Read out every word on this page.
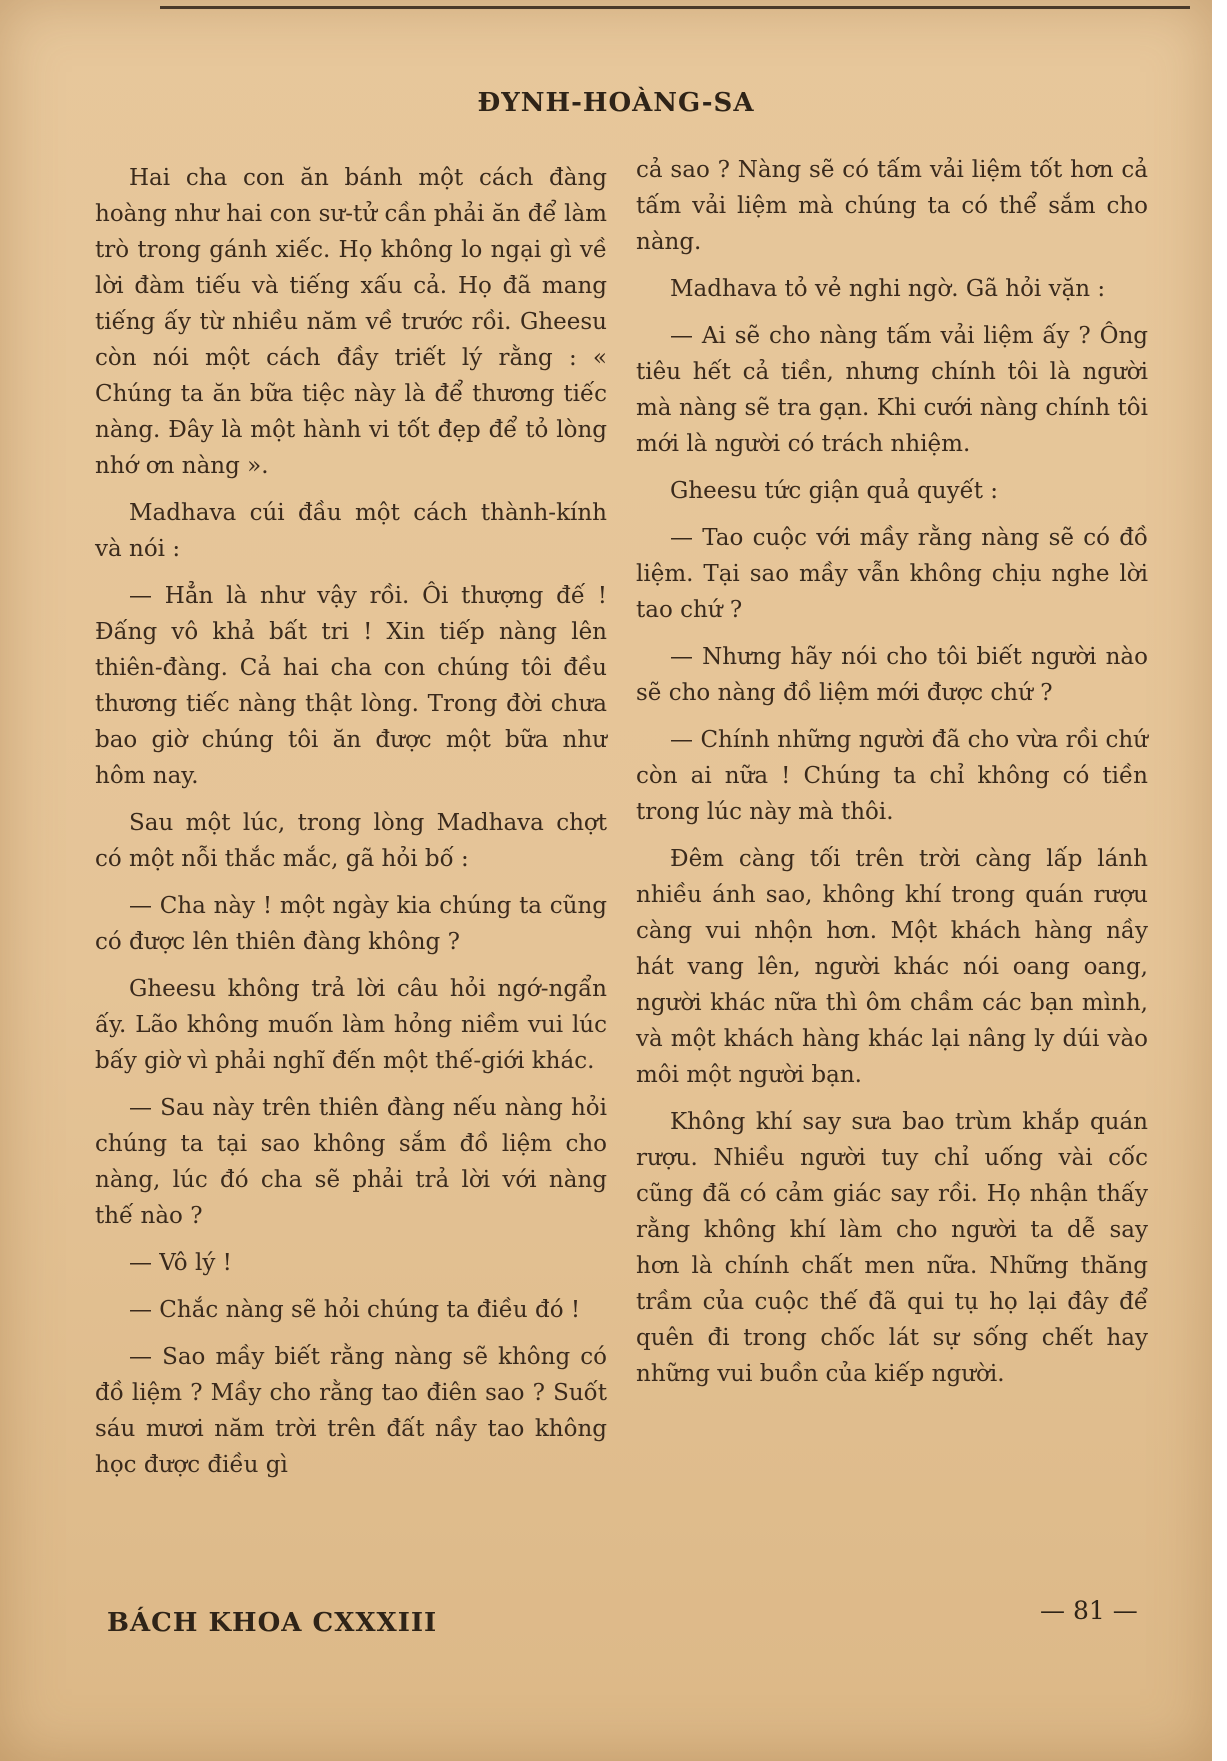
ĐYNH-HOÀNG-SA

Hai cha con ăn bánh một cách đàng hoàng như hai con sư-tử cần phải ăn để làm trò trong gánh xiếc. Họ không lo ngại gì về lời đàm tiếu và tiếng xấu cả. Họ đã mang tiếng ấy từ nhiều năm về trước rồi. Gheesu còn nói một cách đầy triết lý rằng : « Chúng ta ăn bữa tiệc này là để thương tiếc nàng. Đây là một hành vi tốt đẹp để tỏ lòng nhớ ơn nàng ».

Madhava cúi đầu một cách thành-kính và nói :

— Hẳn là như vậy rồi. Ôi thượng đế ! Đấng vô khả bất tri ! Xin tiếp nàng lên thiên-đàng. Cả hai cha con chúng tôi đều thương tiếc nàng thật lòng. Trong đời chưa bao giờ chúng tôi ăn được một bữa như hôm nay.

Sau một lúc, trong lòng Madhava chợt có một nỗi thắc mắc, gã hỏi bố :

— Cha này ! một ngày kia chúng ta cũng có được lên thiên đàng không ?

Gheesu không trả lời câu hỏi ngớ-ngẩn ấy. Lão không muốn làm hỏng niềm vui lúc bấy giờ vì phải nghĩ đến một thế-giới khác.

— Sau này trên thiên đàng nếu nàng hỏi chúng ta tại sao không sắm đồ liệm cho nàng, lúc đó cha sẽ phải trả lời với nàng thế nào ?

— Vô lý !

— Chắc nàng sẽ hỏi chúng ta điều đó !

— Sao mầy biết rằng nàng sẽ không có đồ liệm ? Mầy cho rằng tao điên sao ? Suốt sáu mươi năm trời trên đất nầy tao không học được điều gì

cả sao ? Nàng sẽ có tấm vải liệm tốt hơn cả tấm vải liệm mà chúng ta có thể sắm cho nàng.

Madhava tỏ vẻ nghi ngờ. Gã hỏi vặn :

— Ai sẽ cho nàng tấm vải liệm ấy ? Ông tiêu hết cả tiền, nhưng chính tôi là người mà nàng sẽ tra gạn. Khi cưới nàng chính tôi mới là người có trách nhiệm.

Gheesu tức giận quả quyết :

— Tao cuộc với mầy rằng nàng sẽ có đồ liệm. Tại sao mầy vẫn không chịu nghe lời tao chứ ?

— Nhưng hãy nói cho tôi biết người nào sẽ cho nàng đồ liệm mới được chứ ?

— Chính những người đã cho vừa rồi chứ còn ai nữa ! Chúng ta chỉ không có tiền trong lúc này mà thôi.

Đêm càng tối trên trời càng lấp lánh nhiều ánh sao, không khí trong quán rượu càng vui nhộn hơn. Một khách hàng nầy hát vang lên, người khác nói oang oang, người khác nữa thì ôm chầm các bạn mình, và một khách hàng khác lại nâng ly dúi vào môi một người bạn.

Không khí say sưa bao trùm khắp quán rượu. Nhiều người tuy chỉ uống vài cốc cũng đã có cảm giác say rồi. Họ nhận thấy rằng không khí làm cho người ta dễ say hơn là chính chất men nữa. Những thăng trầm của cuộc thế đã qui tụ họ lại đây để quên đi trong chốc lát sự sống chết hay những vui buồn của kiếp người.

BÁCH KHOA CXXXIII	— 81 —
